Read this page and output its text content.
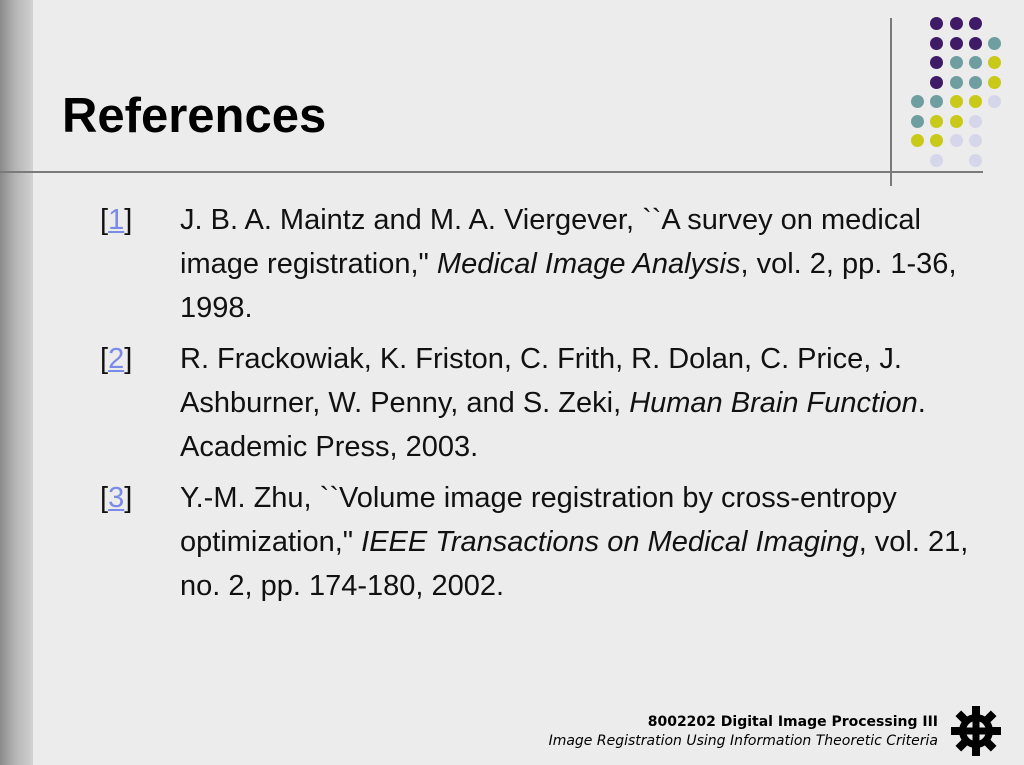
References
[1] J. B. A. Maintz and M. A. Viergever, ``A survey on medical image registration," Medical Image Analysis, vol. 2, pp. 1-36, 1998.
[2] R. Frackowiak, K. Friston, C. Frith, R. Dolan, C. Price, J. Ashburner, W. Penny, and S. Zeki, Human Brain Function. Academic Press, 2003.
[3] Y.-M. Zhu, ``Volume image registration by cross-entropy optimization," IEEE Transactions on Medical Imaging, vol. 21, no. 2, pp. 174-180, 2002.
8002202 Digital Image Processing III
Image Registration Using Information Theoretic Criteria
